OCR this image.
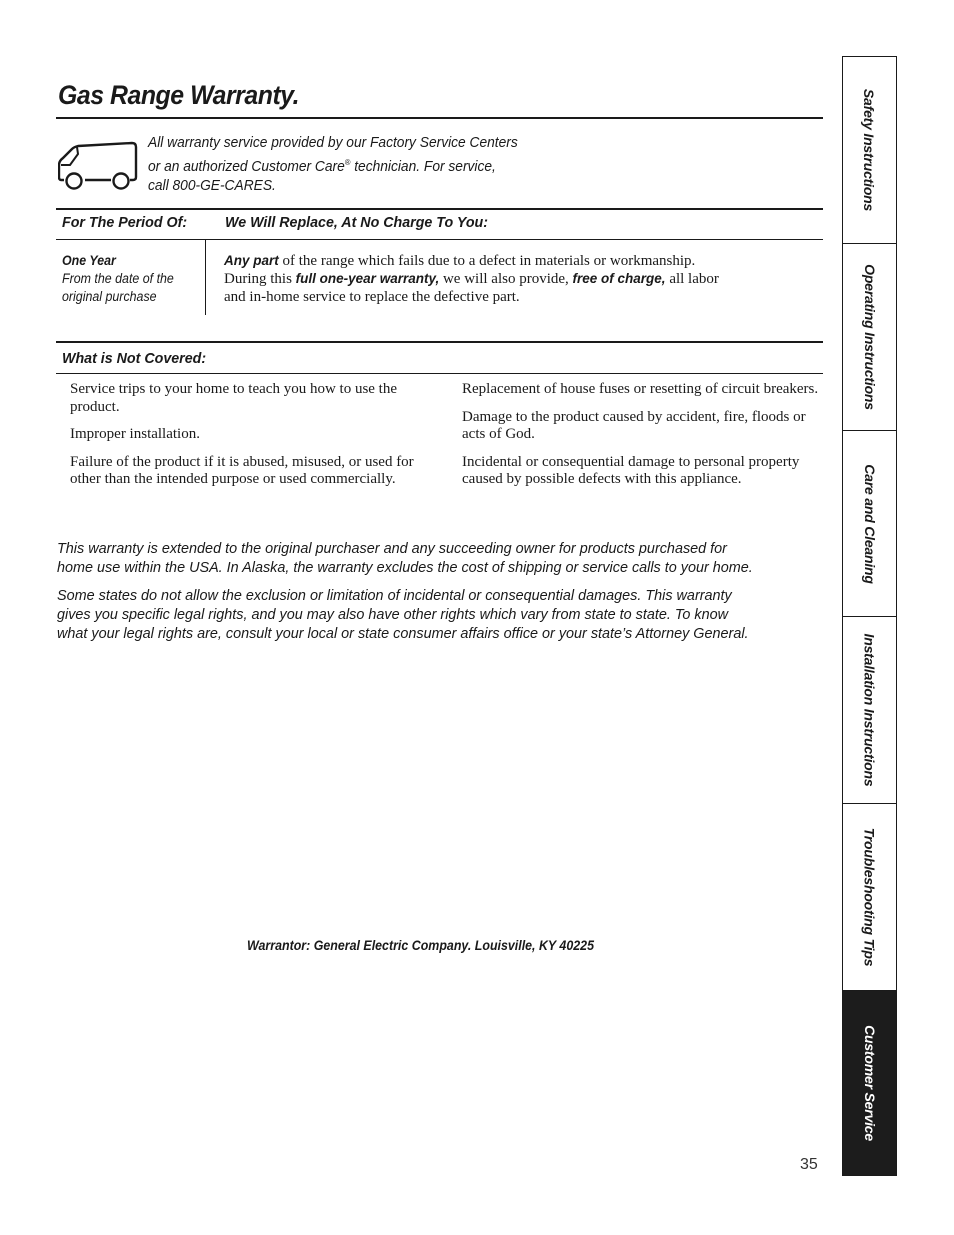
Gas Range Warranty.
All warranty service provided by our Factory Service Centers
or an authorized Customer Care® technician. For service,
call 800-GE-CARES.
For The Period Of:	We Will Replace, At No Charge To You:
One Year
From the date of the
original purchase
Any part of the range which fails due to a defect in materials or workmanship.
During this full one-year warranty, we will also provide, free of charge, all labor
and in-home service to replace the defective part.
What is Not Covered:

Service trips to your home to teach you how to use the product.

Improper installation.

Failure of the product if it is abused, misused, or used for other than the intended purpose or used commercially.

Replacement of house fuses or resetting of circuit breakers.

Damage to the product caused by accident, fire, floods or acts of God.

Incidental or consequential damage to personal property caused by possible defects with this appliance.

This warranty is extended to the original purchaser and any succeeding owner for products purchased for
home use within the USA. In Alaska, the warranty excludes the cost of shipping or service calls to your home.
Some states do not allow the exclusion or limitation of incidental or consequential damages. This warranty
gives you specific legal rights, and you may also have other rights which vary from state to state. To know
what your legal rights are, consult your local or state consumer affairs office or your state’s Attorney General.
Warrantor: General Electric Company. Louisville, KY 40225
35
Safety Instructions
Operating Instructions
Care and Cleaning
Installation Instructions
Troubleshooting Tips
Customer Service
